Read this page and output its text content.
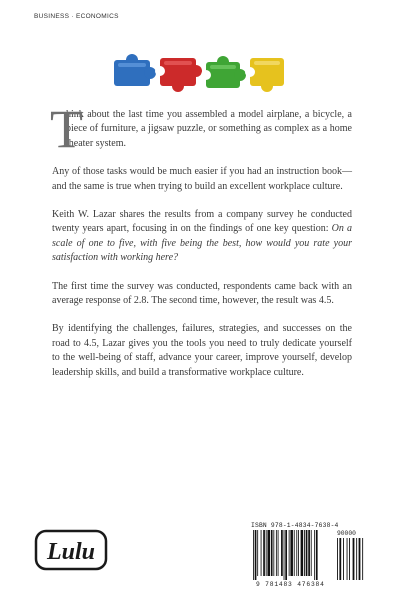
BUSINESS · ECONOMICS

T
hink about the last time you assembled a model airplane, a bicycle, a piece of furniture, a jigsaw puzzle, or something as complex as a home theater system.

Any of those tasks would be much easier if you had an instruction book—and the same is true when trying to build an excellent workplace culture.

Keith W. Lazar shares the results from a company survey he conducted twenty years apart, focusing in on the findings of one key question: On a scale of one to five, with five being the best, how would you rate your satisfaction with working here?

The first time the survey was conducted, respondents came back with an average response of 2.8. The second time, however, the result was 4.5.

By identifying the challenges, failures, strategies, and successes on the road to 4.5, Lazar gives you the tools you need to truly dedicate yourself to the well-being of staff, advance your career, improve yourself, develop leadership skills, and build a transformative workplace culture.

Lulu
ISBN 978-1-4834-7638-4
90000
9 781483 476384
